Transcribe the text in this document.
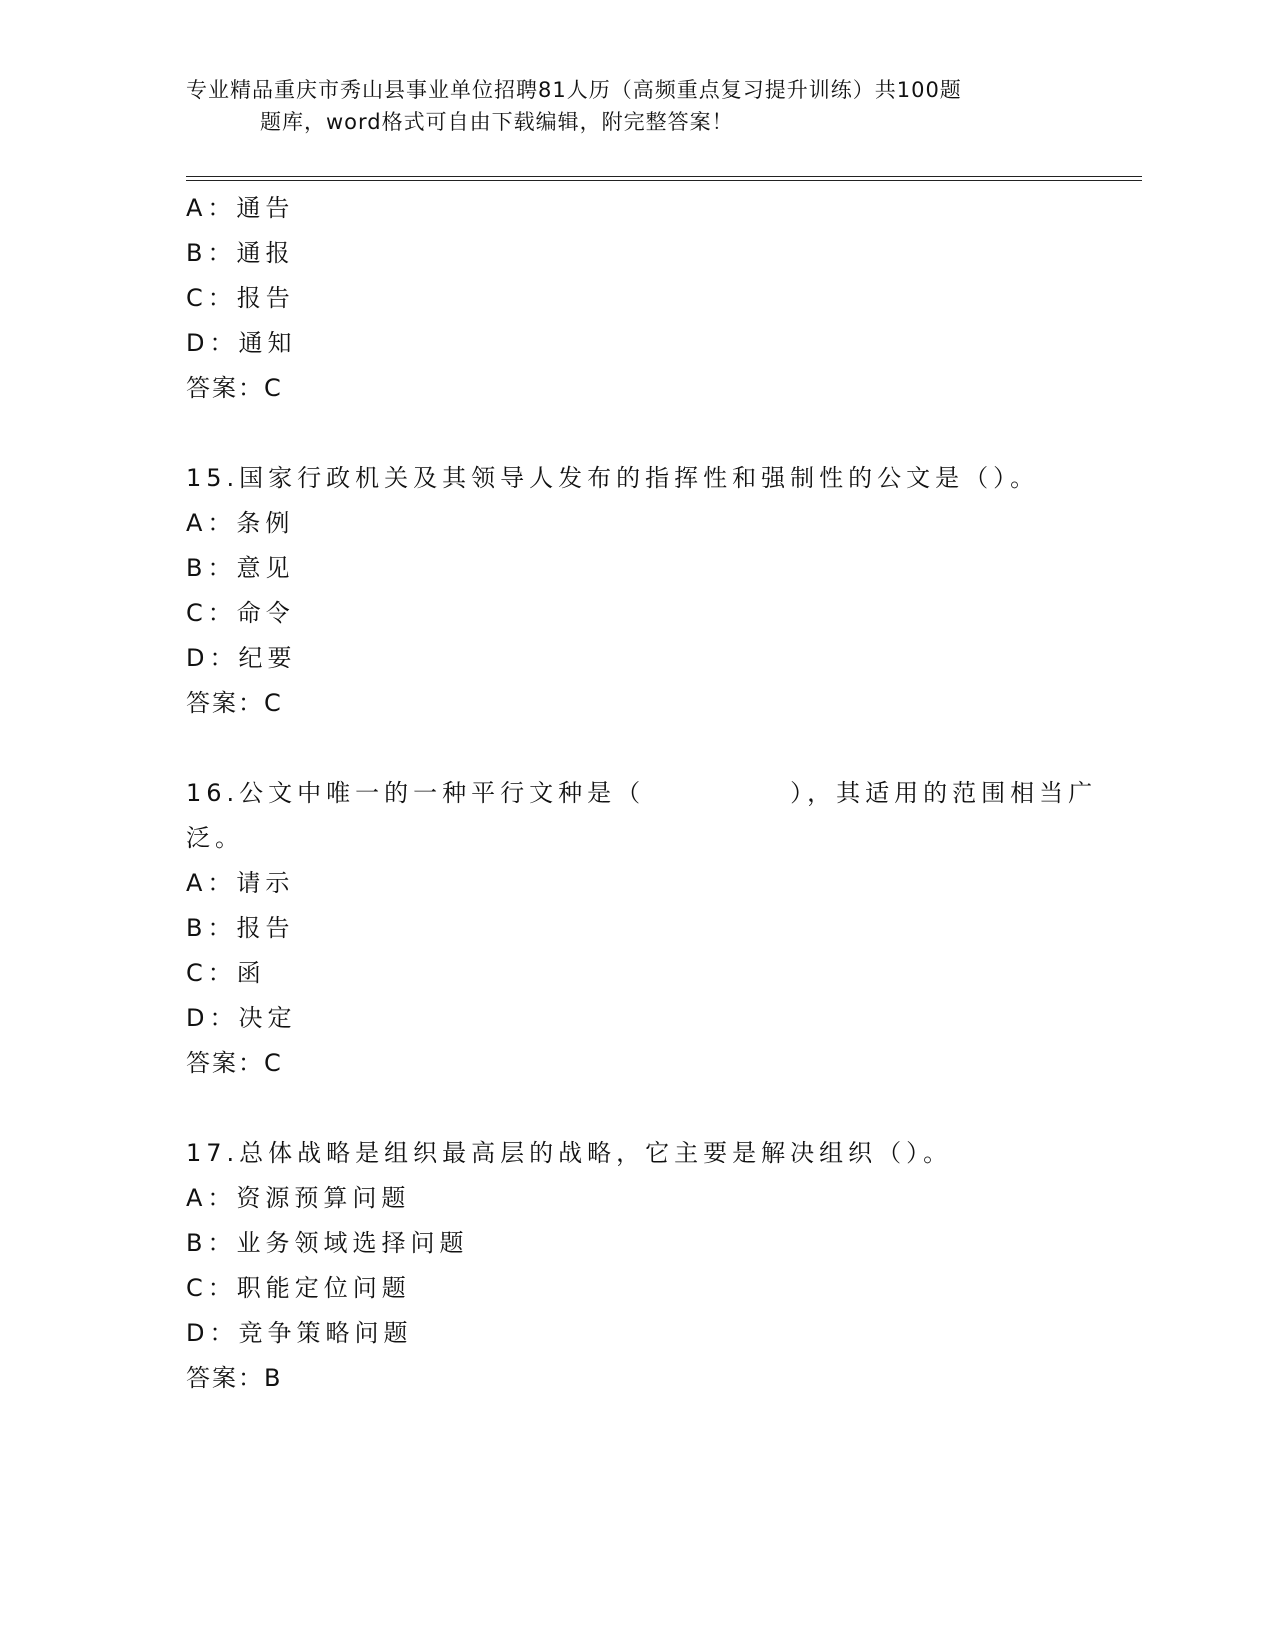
专业精品重庆市秀山县事业单位招聘81人历（高频重点复习提升训练）共100题
题库，word格式可自由下载编辑，附完整答案！
A：通告
B：通报
C：报告
D：通知
答案：C
15.国家行政机关及其领导人发布的指挥性和强制性的公文是（）。
A：条例
B：意见
C：命令
D：纪要
答案：C
16.公文中唯一的一种平行文种是（　　　　　），其适用的范围相当广
泛。
A：请示
B：报告
C：函
D：决定
答案：C
17.总体战略是组织最高层的战略，它主要是解决组织（）。
A：资源预算问题
B：业务领域选择问题
C：职能定位问题
D：竞争策略问题
答案：B
